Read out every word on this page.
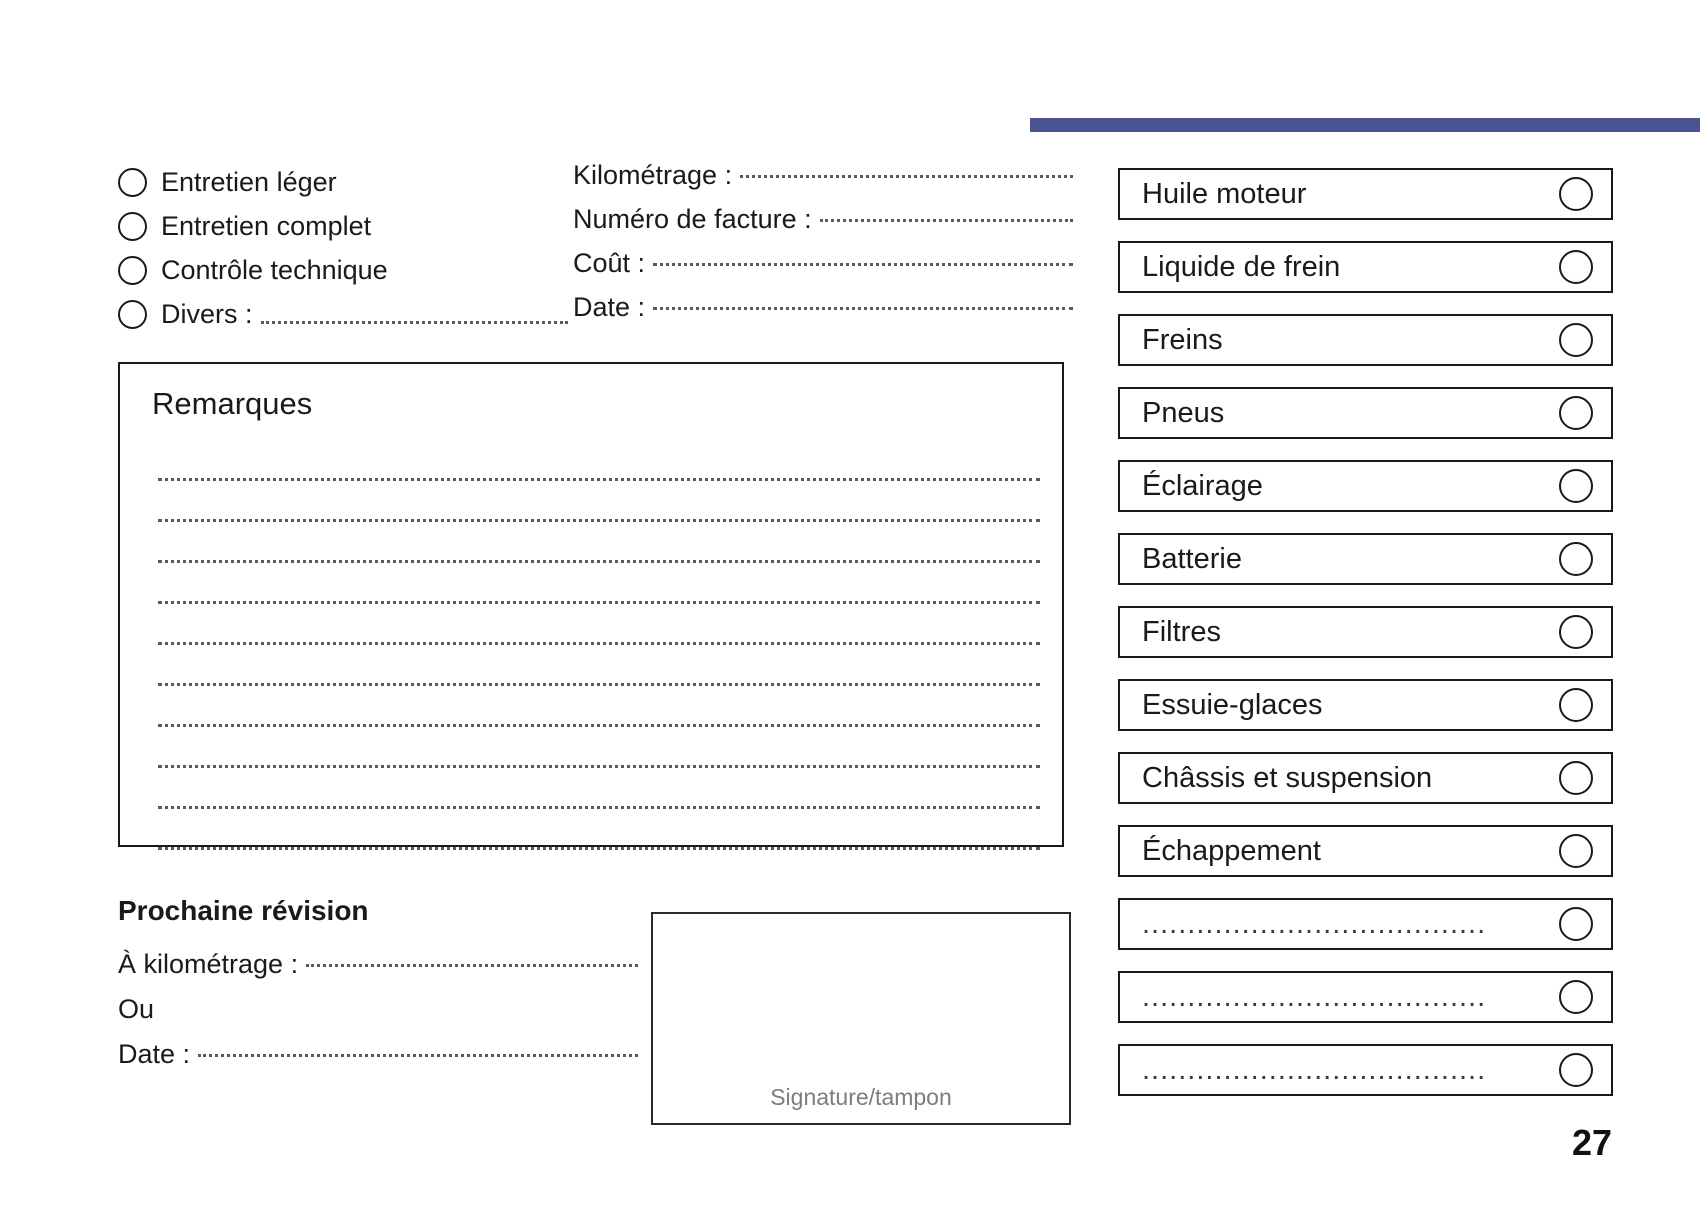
Entretien léger
Entretien complet
Contrôle technique
Divers :
Kilométrage :
Numéro de facture :
Coût :
Date :
Remarques
Prochaine révision
À kilométrage :
Ou
Date :
Signature/tampon
Huile moteur
Liquide de frein
Freins
Pneus
Éclairage
Batterie
Filtres
Essuie-glaces
Châssis et suspension
Échappement
......................................
......................................
......................................
27
